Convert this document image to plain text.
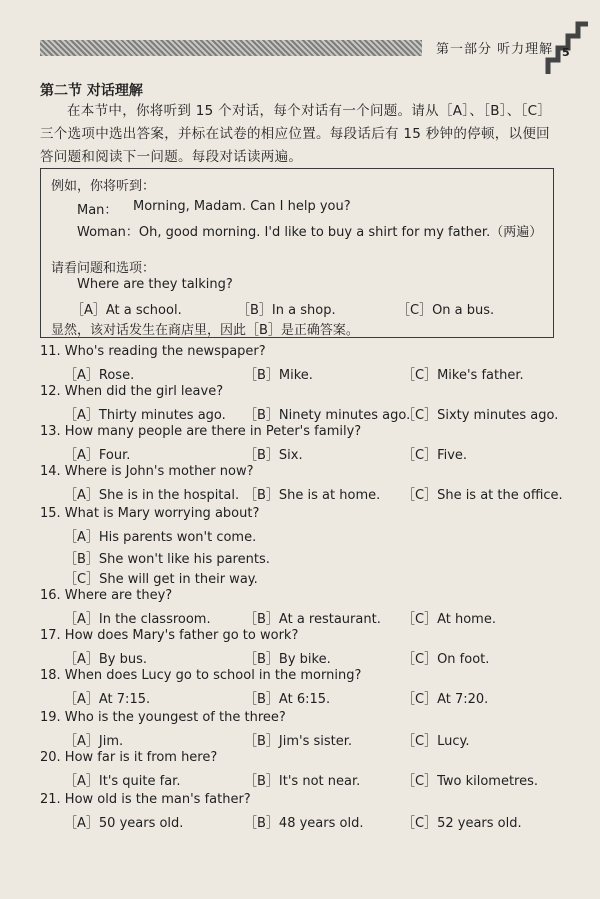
第一部分 听力理解 5
第二节 对话理解
在本节中，你将听到 15 个对话，每个对话有一个问题。请从［A］、［B］、［C］三个选项中选出答案，并标在试卷的相应位置。每段话后有 15 秒钟的停顿，以便回答问题和阅读下一问题。每段对话读两遍。
例如，你将听到：
Man： Morning, Madam. Can I help you?
Woman：Oh, good morning. I'd like to buy a shirt for my father.（两遍）
请看问题和选项：
Where are they talking?
［A］At a school.	［B］In a shop.	［C］On a bus.
显然，该对话发生在商店里，因此［B］是正确答案。
11. Who's reading the newspaper?
［A］Rose.	［B］Mike.	［C］Mike's father.
12. When did the girl leave?
［A］Thirty minutes ago. ［B］Ninety minutes ago.
［C］Sixty minutes ago.
13. How many people are there in Peter's family?
［A］Four.	［B］Six.	［C］Five.
14. Where is John's mother now?
［A］She is in the hospital. ［B］She is at home. ［C］She is at the office.
15. What is Mary worrying about?
［A］His parents won't come.
［B］She won't like his parents.
［C］She will get in their way.
16. Where are they?
［A］In the classroom.	［B］At a restaurant. ［C］At home.
17. How does Mary's father go to work?
［A］By bus.	［B］By bike.	［C］On foot.
18. When does Lucy go to school in the morning?
［A］At 7:15.	［B］At 6:15.	［C］At 7:20.
19. Who is the youngest of the three?
［A］Jim.	［B］Jim's sister.	［C］Lucy.
20. How far is it from here?
［A］It's quite far.	［B］It's not near.	［C］Two kilometres.
21. How old is the man's father?
［A］50 years old.	［B］48 years old.	［C］52 years old.
